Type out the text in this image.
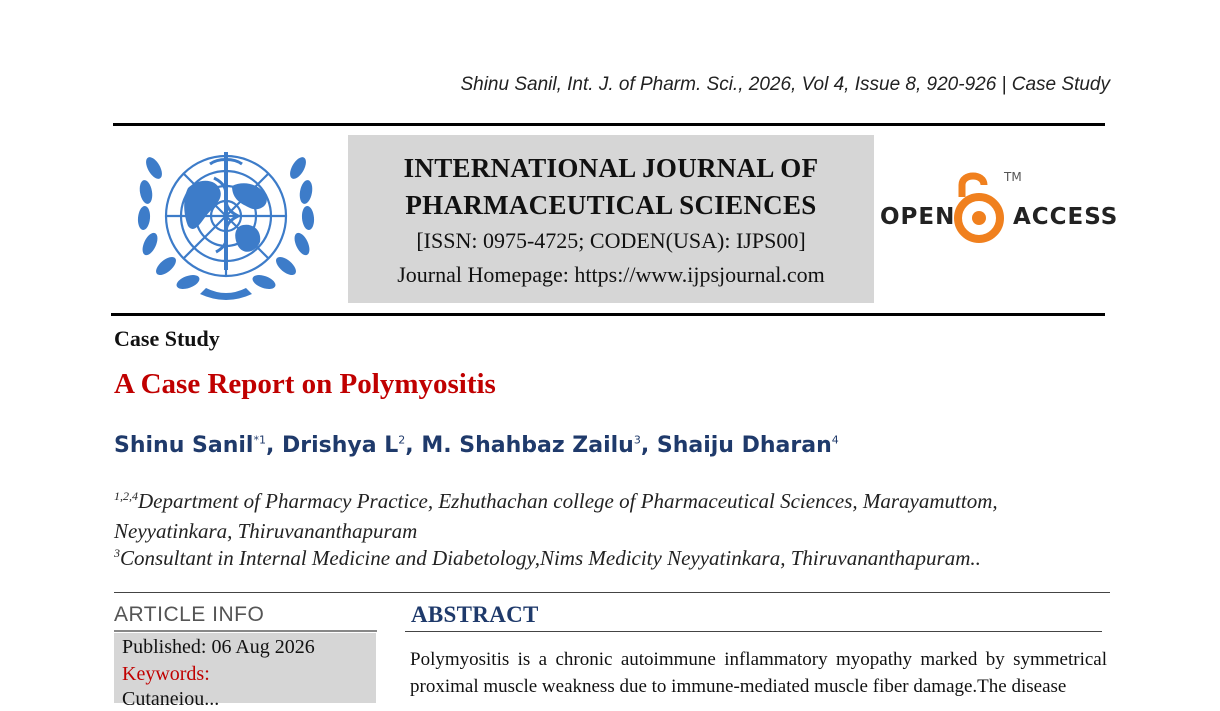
Shinu Sanil, Int. J. of Pharm. Sci., 2026, Vol 4, Issue 8, 920-926 | Case Study
INTERNATIONAL JOURNAL OF
PHARMACEUTICAL SCIENCES
[ISSN: 0975-4725; CODEN(USA): IJPS00]
Journal Homepage: https://www.ijpsjournal.com
OPEN	ACCESS
TM
Case Study
A Case Report on Polymyositis
Shinu Sanil$^{*1}$, Drishya $L^2$, M. Shahbaz Zailu$^3$, Shaiju Dharan$^4$
$^{1,2,4}$Department of Pharmacy Practice, Ezhuthachan college of Pharmaceutical Sciences, Marayamuttom,
Neyyatinkara, Thiruvananthapuram
$^3$Consultant in Internal Medicine and Diabetology,Nims Medicity Neyyatinkara, Thiruvananthapuram..
ARTICLE INFO
Published: 06 Aug 2026
Keywords:
Cutaneiou...
ABSTRACT
Polymyositis is a chronic autoimmune inflammatory myopathy marked by symmetrical proximal muscle weakness due to immune-mediated muscle fiber damage.The disease
